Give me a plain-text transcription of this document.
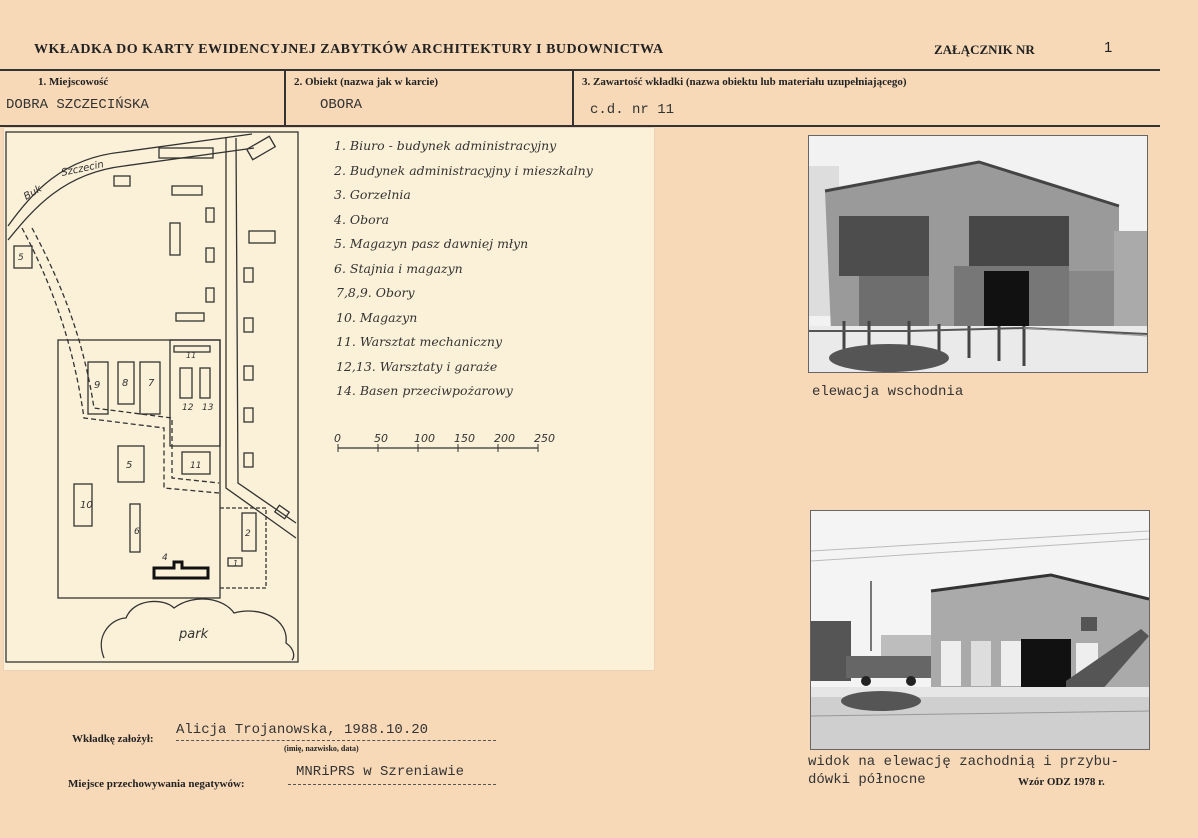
WKŁADKA DO KARTY EWIDENCYJNEJ ZABYTKÓW ARCHITEKTURY I BUDOWNICTWA	ZAŁĄCZNIK NR	1
1. Miejscowość
DOBRA SZCZECIŃSKA
2. Obiekt (nazwa jak w karcie)
OBORA
3. Zawartość wkładki (nazwa obiektu lub materiału uzupełniającego)
c.d. nr 11
Buk
Szczecin
park
1
2
5
6
9 8 7
10
11
12 13
4
5	11
0	50 100 150 200 250
1. Biuro - budynek administracyjny
2. Budynek administracyjny i mieszkalny
3. Gorzelnia
4. Obora
5. Magazyn pasz dawniej młyn
6. Stajnia i magazyn
7,8,9. Obory
10. Magazyn
11. Warsztat mechaniczny
12,13. Warsztaty i garaże
14. Basen przeciwpożarowy	elewacja wschodnia
widok na elewację zachodnią i przybu-
dówki północne	Wzór ODZ 1978 r.
Wkładkę założył:
Alicja Trojanowska, 1988.10.20
(imię, nazwisko, data)
Miejsce przechowywania negatywów:
MNRiPRS w Szreniawie
